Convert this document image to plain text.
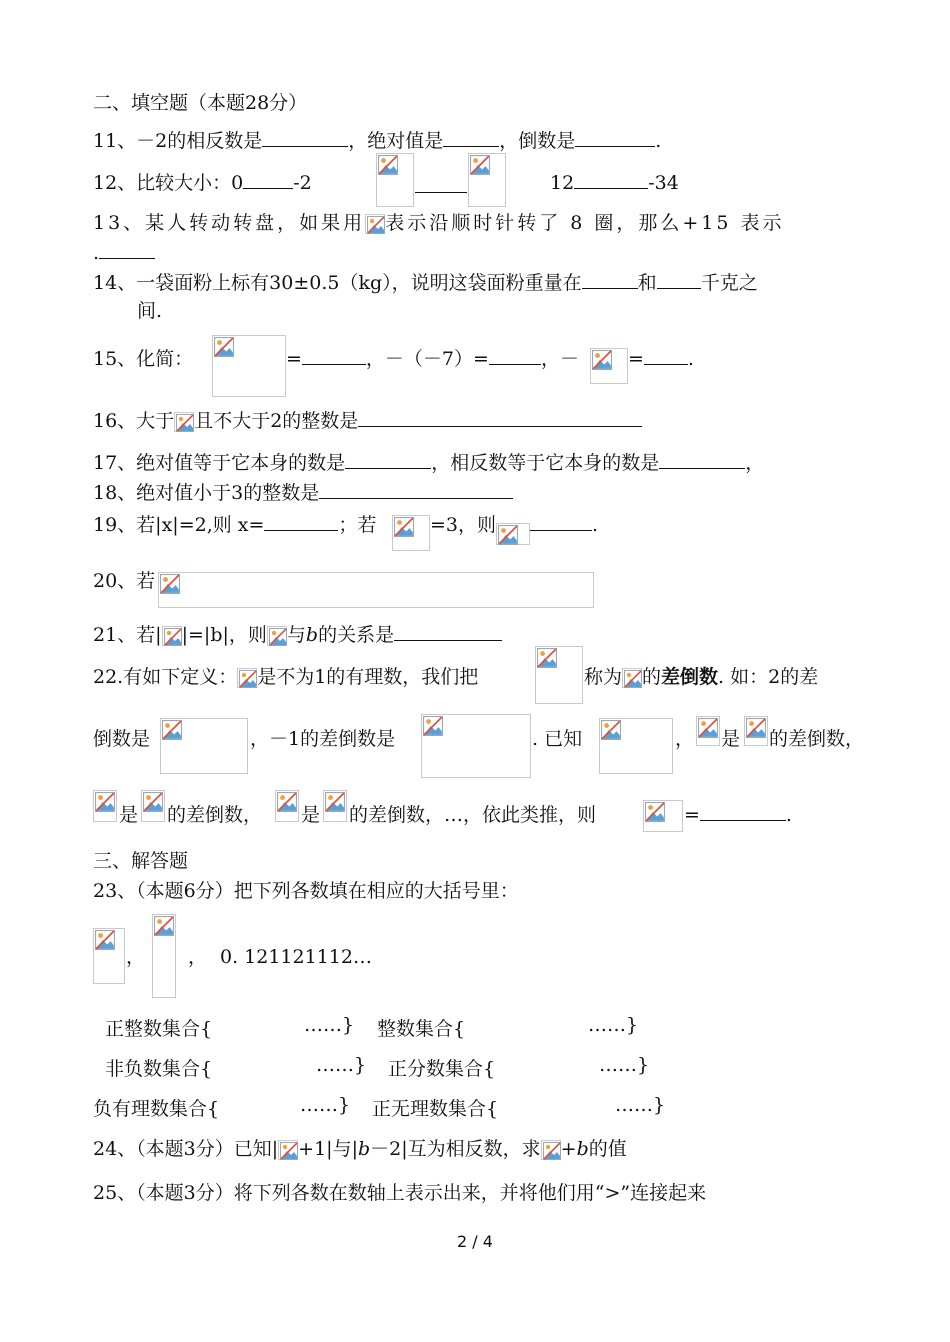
二、填空题（本题28分）
11、－2的相反数是	，绝对值是	，倒数是	.
12、比较大小：0	-2	12	-34
13、某人转动转盘，如果用 表示沿顺时针转了 8 圈，那么+15 表示
.
14、一袋面粉上标有30±0.5（kg），说明这袋面粉重量在	和 千克之
间.
15、化简：	=	，－（－7）=	，－	= .
16、大于 且不大于2的整数是
17、绝对值等于它本身的数是	，相反数等于它本身的数是	，
18、绝对值小于3的整数是
19、若|x|=2,则 x=	；若	=3，则	.
20、若
21、若| |=|b|，则 与b的关系是
22.有如下定义： 是不为1的有理数，我们把	称为 的差倒数. 如：2的差
倒数是	，－1的差倒数是	. 已知	， 是 的差倒数，
是 的差倒数， 是 的差倒数，…，依此类推，则	=	.
三、解答题
23、（本题6分）把下列各数填在相应的大括号里：
， ， 0. 121121112…
正整数集合{	……} 整数集合{	……}
非负数集合{	……} 正分数集合{	……}
负有理数集合{	……} 正无理数集合{	……}
24、（本题3分）已知| +1|与|b－2|互为相反数，求 +b的值
25、（本题3分）将下列各数在数轴上表示出来，并将他们用“>”连接起来
2 / 4
